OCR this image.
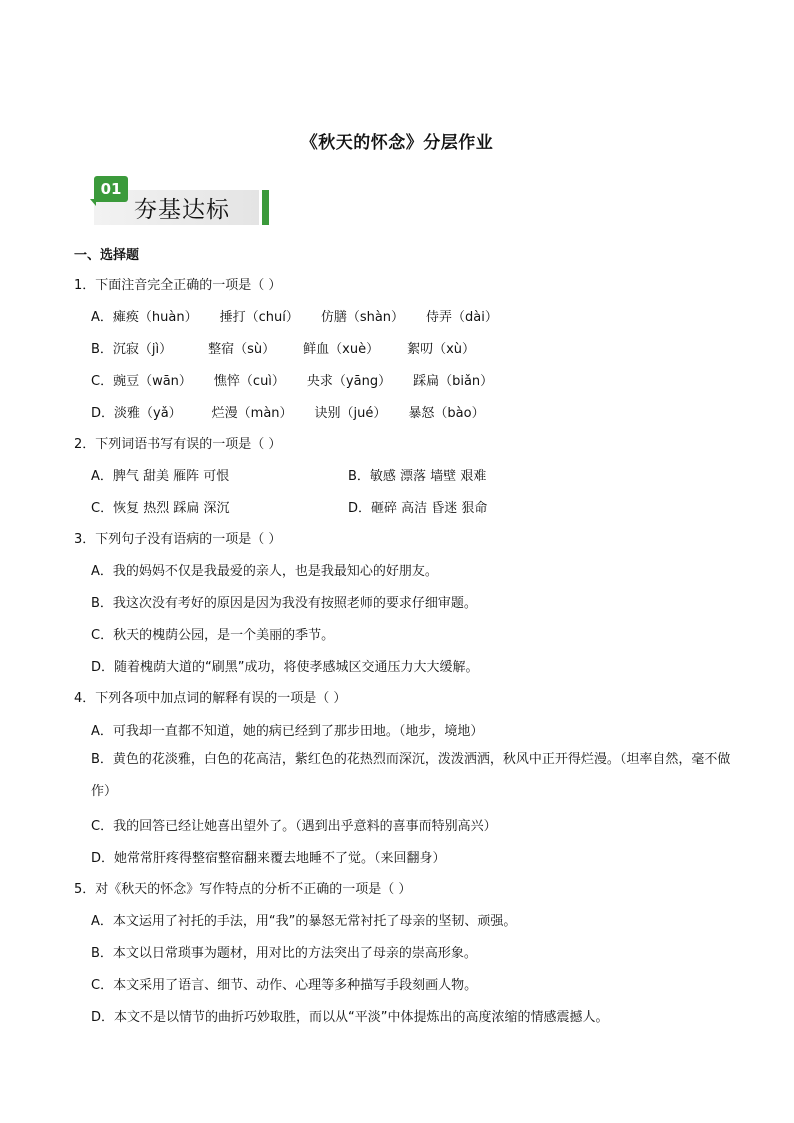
《秋天的怀念》分层作业
01
夯基达标
一、选择题
1．下面注音完全正确的一项是（ ）
A．瘫痪（huàn） 捶打（chuí） 仿膳（shàn） 侍弄（dài）
B．沉寂（jì）	整宿（sù） 鲜血（xuè） 絮叨（xù）
C．豌豆（wān） 憔悴（cuì） 央求（yāng） 踩扁（biǎn）
D．淡雅（yǎ） 烂漫（màn） 诀别（jué） 暴怒（bào）
2．下列词语书写有误的一项是（ ）
A．脾气 甜美 雁阵 可恨	B．敏感 漂落 墙壁 艰难
C．恢复 热烈 踩扁 深沉	D．砸碎 高洁 昏迷 狠命
3．下列句子没有语病的一项是（ ）
A．我的妈妈不仅是我最爱的亲人，也是我最知心的好朋友。
B．我这次没有考好的原因是因为我没有按照老师的要求仔细审题。
C．秋天的槐荫公园，是一个美丽的季节。
D．随着槐荫大道的“刷黑”成功，将使孝感城区交通压力大大缓解。
4．下列各项中加点词的解释有误的一项是（ ）
A．可我却一直都不知道，她的病已经到了那步田地。（地步，境地）
B．黄色的花淡雅，白色的花高洁，紫红色的花热烈而深沉，泼泼洒洒，秋风中正开得烂漫。（坦率自然，毫不做作）
C．我的回答已经让她喜出望外了。（遇到出乎意料的喜事而特别高兴）
D．她常常肝疼得整宿整宿翻来覆去地睡不了觉。（来回翻身）
5．对《秋天的怀念》写作特点的分析不正确的一项是（ ）
A．本文运用了衬托的手法，用“我”的暴怒无常衬托了母亲的坚韧、顽强。
B．本文以日常琐事为题材，用对比的方法突出了母亲的崇高形象。
C．本文采用了语言、细节、动作、心理等多种描写手段刻画人物。
D．本文不是以情节的曲折巧妙取胜，而以从“平淡”中体提炼出的高度浓缩的情感震撼人。
